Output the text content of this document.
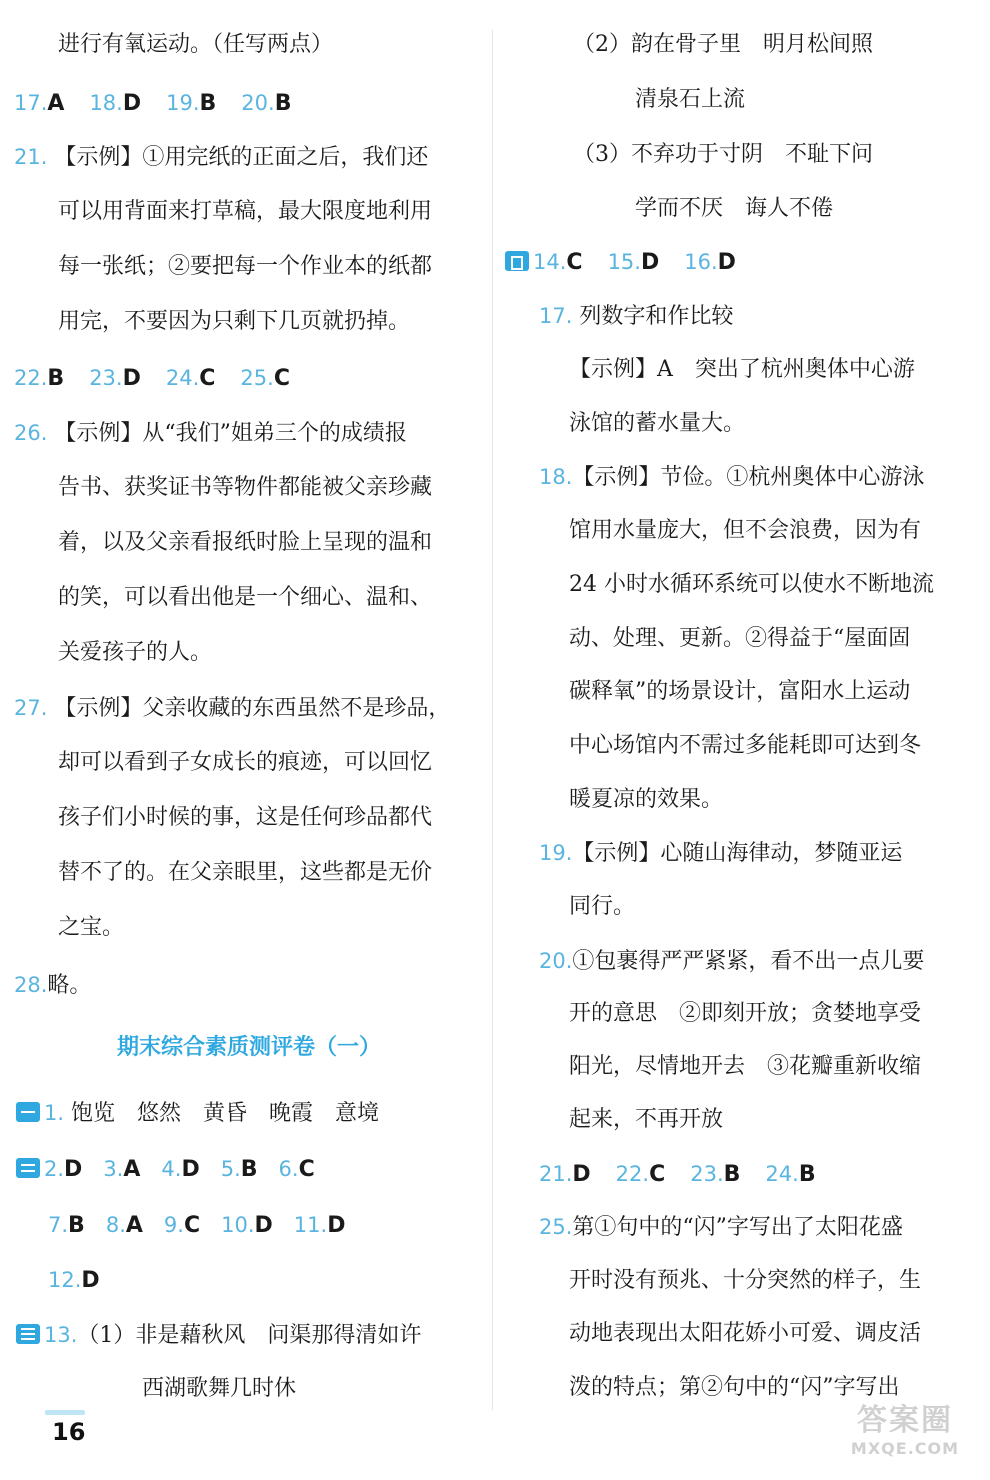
进行有氧运动。（任写两点）
17.A 18.D 19.B 20.B
21. 【示例】①用完纸的正面之后，我们还
可以用背面来打草稿，最大限度地利用
每一张纸；②要把每一个作业本的纸都
用完，不要因为只剩下几页就扔掉。
22.B 23.D 24.C 25.C
26. 【示例】从“我们”姐弟三个的成绩报
告书、获奖证书等物件都能被父亲珍藏
着，以及父亲看报纸时脸上呈现的温和
的笑，可以看出他是一个细心、温和、
关爱孩子的人。
27. 【示例】父亲收藏的东西虽然不是珍品，
却可以看到子女成长的痕迹，可以回忆
孩子们小时候的事，这是任何珍品都代
替不了的。在父亲眼里，这些都是无价
之宝。
28.略。
期末综合素质测评卷（一）
1. 饱览　悠然　黄昏　晚霞　意境
2.D 3.A 4.D 5.B 6.C
7.B 8.A 9.C 10.D 11.D
12.D
13.（1）非是藉秋风　问渠那得清如许
西湖歌舞几时休
（2）韵在骨子里　明月松间照
清泉石上流
（3）不弃功于寸阴　不耻下问
学而不厌　诲人不倦
14.C 15.D 16.D
17. 列数字和作比较
【示例】A　突出了杭州奥体中心游
泳馆的蓄水量大。
18.【示例】节俭。①杭州奥体中心游泳
馆用水量庞大，但不会浪费，因为有
24 小时水循环系统可以使水不断地流
动、处理、更新。②得益于“屋面固
碳释氧”的场景设计，富阳水上运动
中心场馆内不需过多能耗即可达到冬
暖夏凉的效果。
19.【示例】心随山海律动，梦随亚运
同行。
20.①包裹得严严紧紧，看不出一点儿要
开的意思　②即刻开放；贪婪地享受
阳光，尽情地开去　③花瓣重新收缩
起来，不再开放
21.D 22.C 23.B 24.B
25.第①句中的“闪”字写出了太阳花盛
开时没有预兆、十分突然的样子，生
动地表现出太阳花娇小可爱、调皮活
泼的特点；第②句中的“闪”字写出
16	答案圈
MXQE.COM
